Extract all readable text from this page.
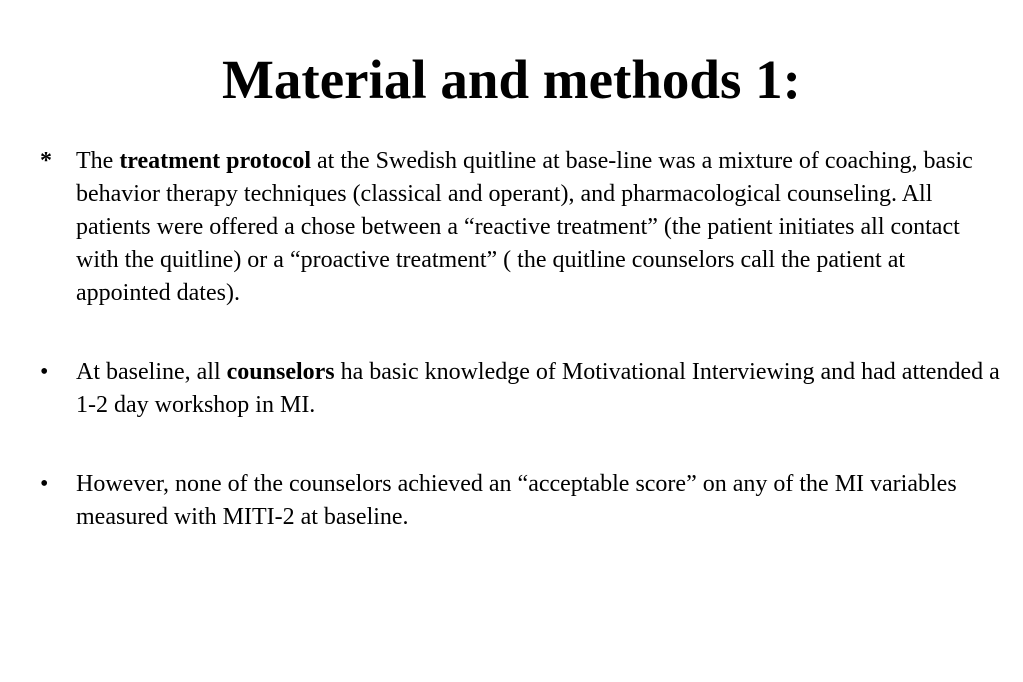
Material and methods 1:
*	The treatment protocol at the Swedish quitline at base-line was a mixture of coaching, basic behavior therapy techniques (classical and operant), and pharmacological counseling. All patients were offered a chose between a “reactive treatment” (the patient initiates all contact with the quitline) or a “proactive treatment” ( the quitline counselors call the patient at appointed dates).
•	At baseline, all counselors ha basic knowledge of Motivational Interviewing and had attended a 1-2 day workshop in MI.
•	However, none of the counselors achieved an “acceptable score” on any of the MI variables measured with MITI-2 at baseline.
